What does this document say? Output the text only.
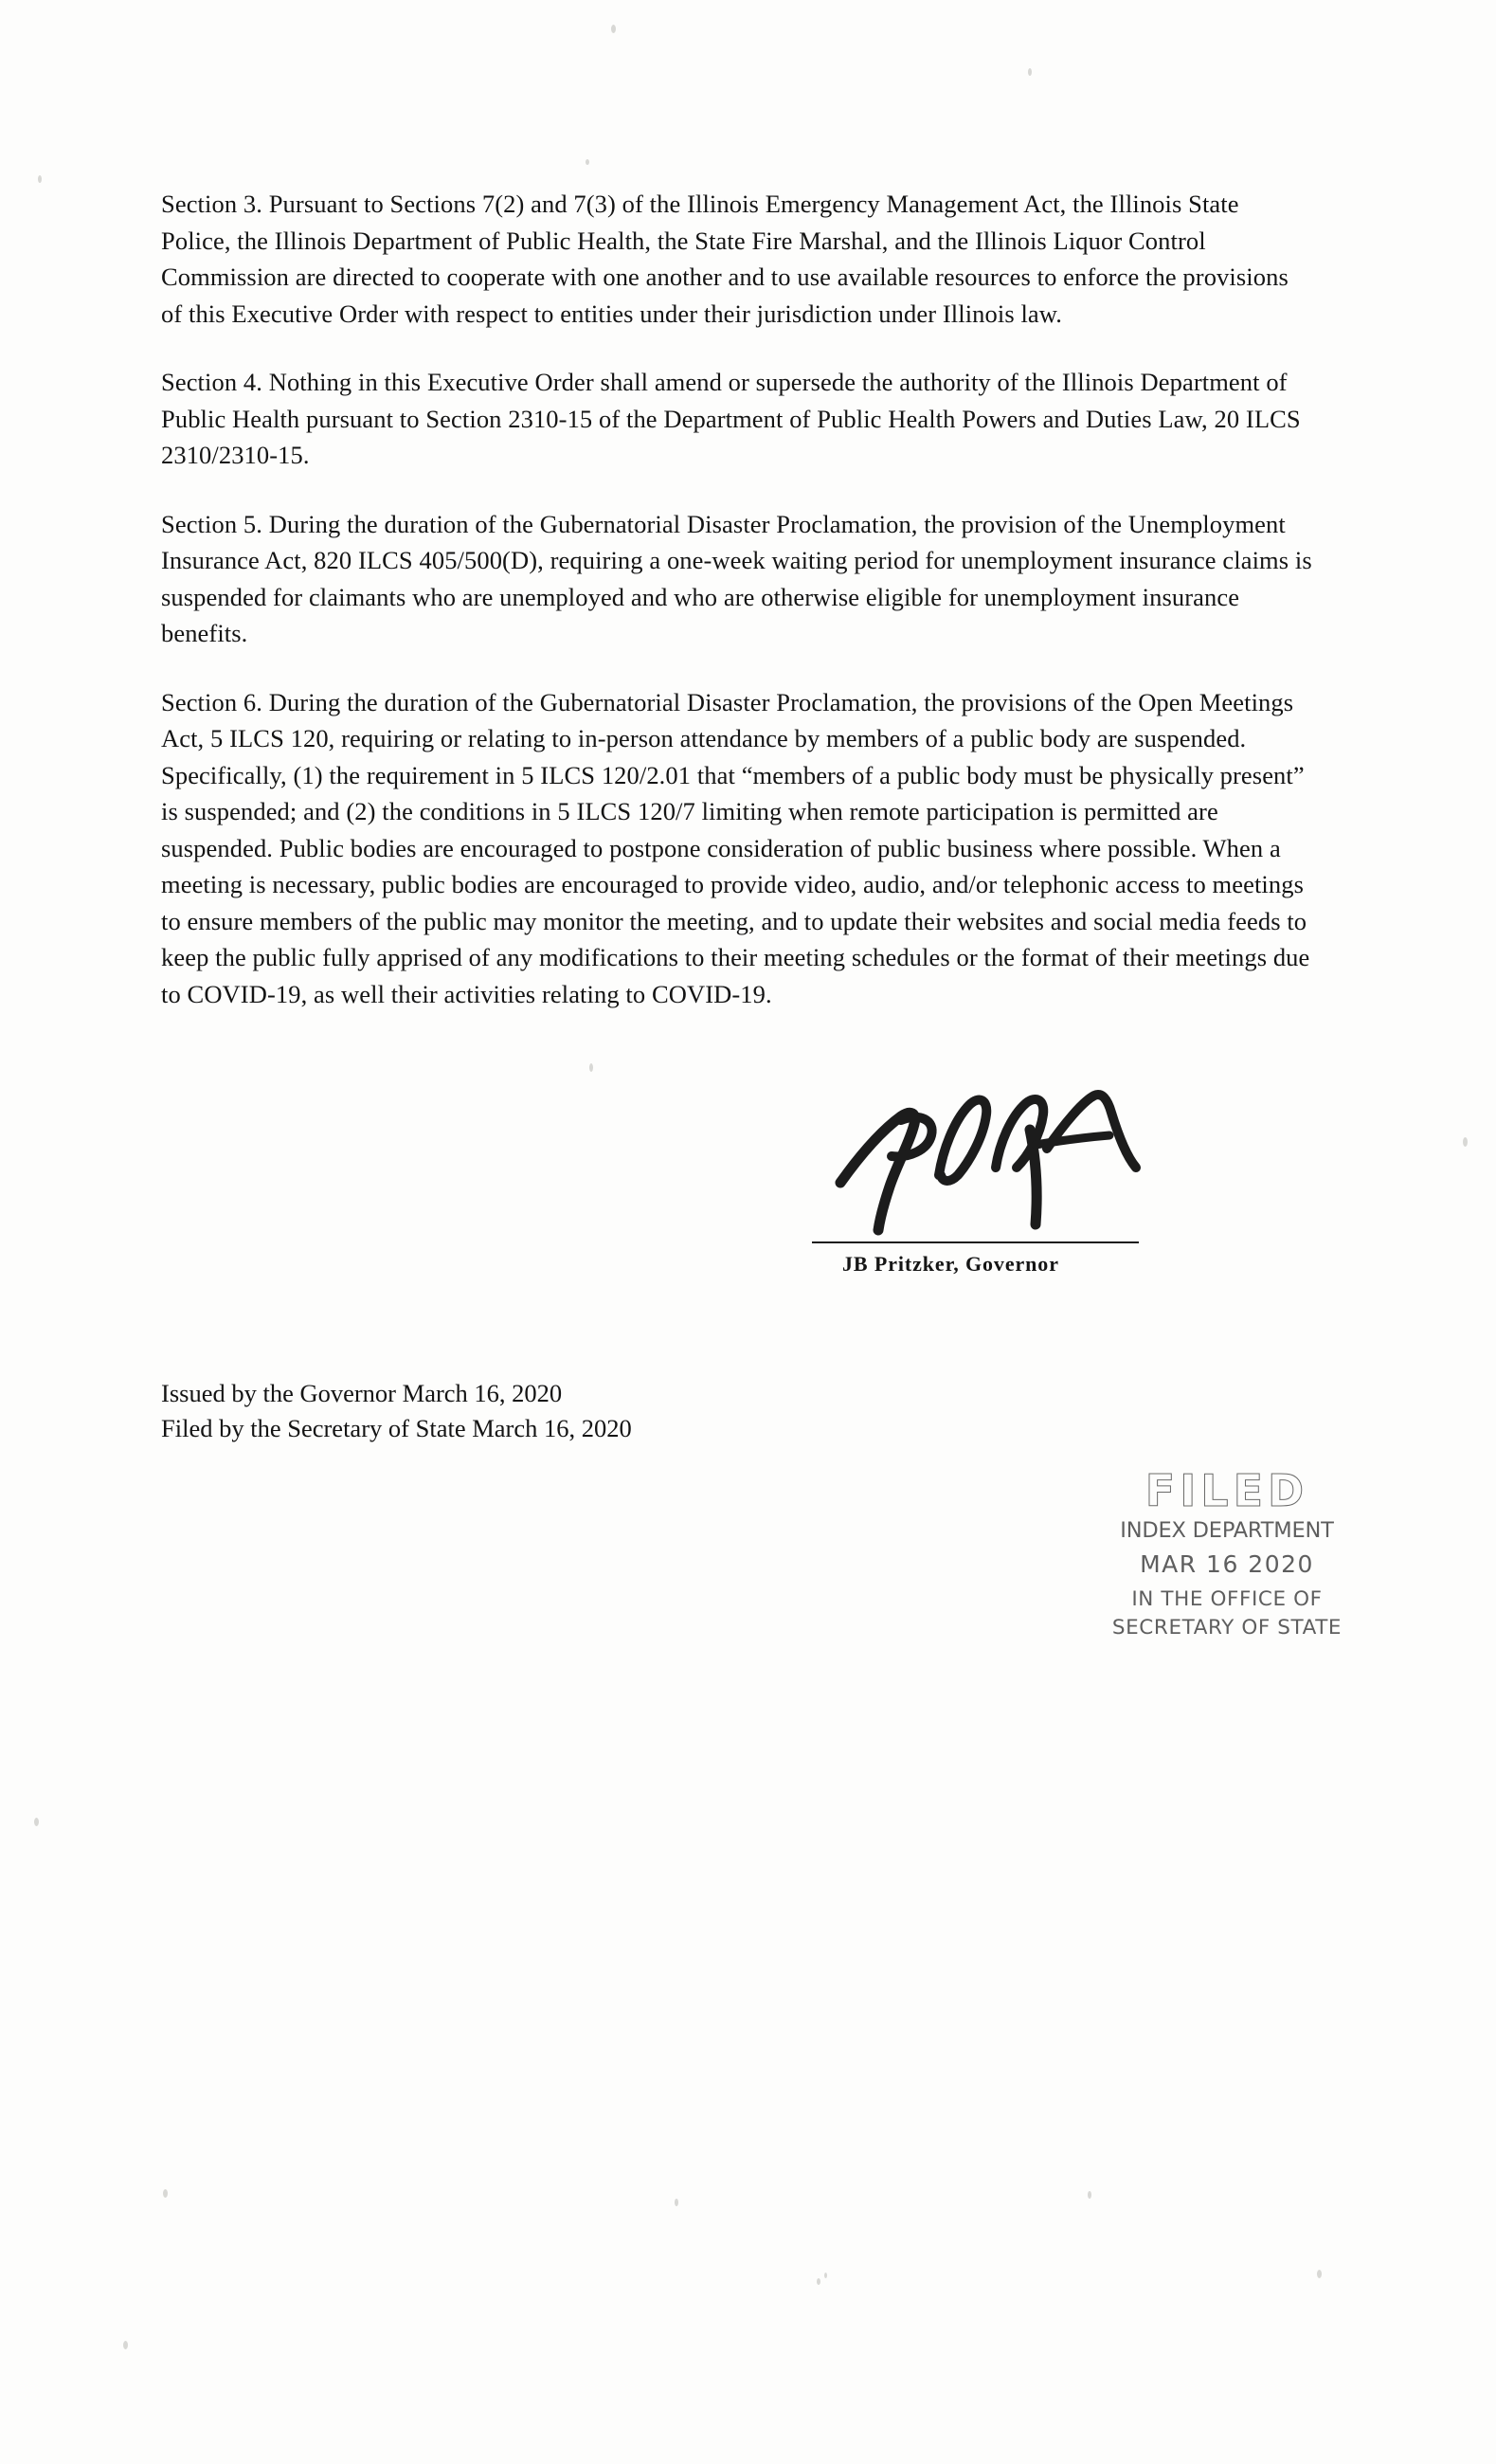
Section 3. Pursuant to Sections 7(2) and 7(3) of the Illinois Emergency Management Act, the Illinois State Police, the Illinois Department of Public Health, the State Fire Marshal, and the Illinois Liquor Control Commission are directed to cooperate with one another and to use available resources to enforce the provisions of this Executive Order with respect to entities under their jurisdiction under Illinois law.

Section 4. Nothing in this Executive Order shall amend or supersede the authority of the Illinois Department of Public Health pursuant to Section 2310-15 of the Department of Public Health Powers and Duties Law, 20 ILCS 2310/2310-15.

Section 5. During the duration of the Gubernatorial Disaster Proclamation, the provision of the Unemployment Insurance Act, 820 ILCS 405/500(D), requiring a one-week waiting period for unemployment insurance claims is suspended for claimants who are unemployed and who are otherwise eligible for unemployment insurance benefits.

Section 6. During the duration of the Gubernatorial Disaster Proclamation, the provisions of the Open Meetings Act, 5 ILCS 120, requiring or relating to in-person attendance by members of a public body are suspended. Specifically, (1) the requirement in 5 ILCS 120/2.01 that “members of a public body must be physically present” is suspended; and (2) the conditions in 5 ILCS 120/7 limiting when remote participation is permitted are suspended. Public bodies are encouraged to postpone consideration of public business where possible. When a meeting is necessary, public bodies are encouraged to provide video, audio, and/or telephonic access to meetings to ensure members of the public may monitor the meeting, and to update their websites and social media feeds to keep the public fully apprised of any modifications to their meeting schedules or the format of their meetings due to COVID-19, as well their activities relating to COVID-19.

JB Pritzker, Governor
Issued by the Governor March 16, 2020
Filed by the Secretary of State March 16, 2020
FILED
INDEX DEPARTMENT
MAR 16 2020
IN THE OFFICE OF
SECRETARY OF STATE
